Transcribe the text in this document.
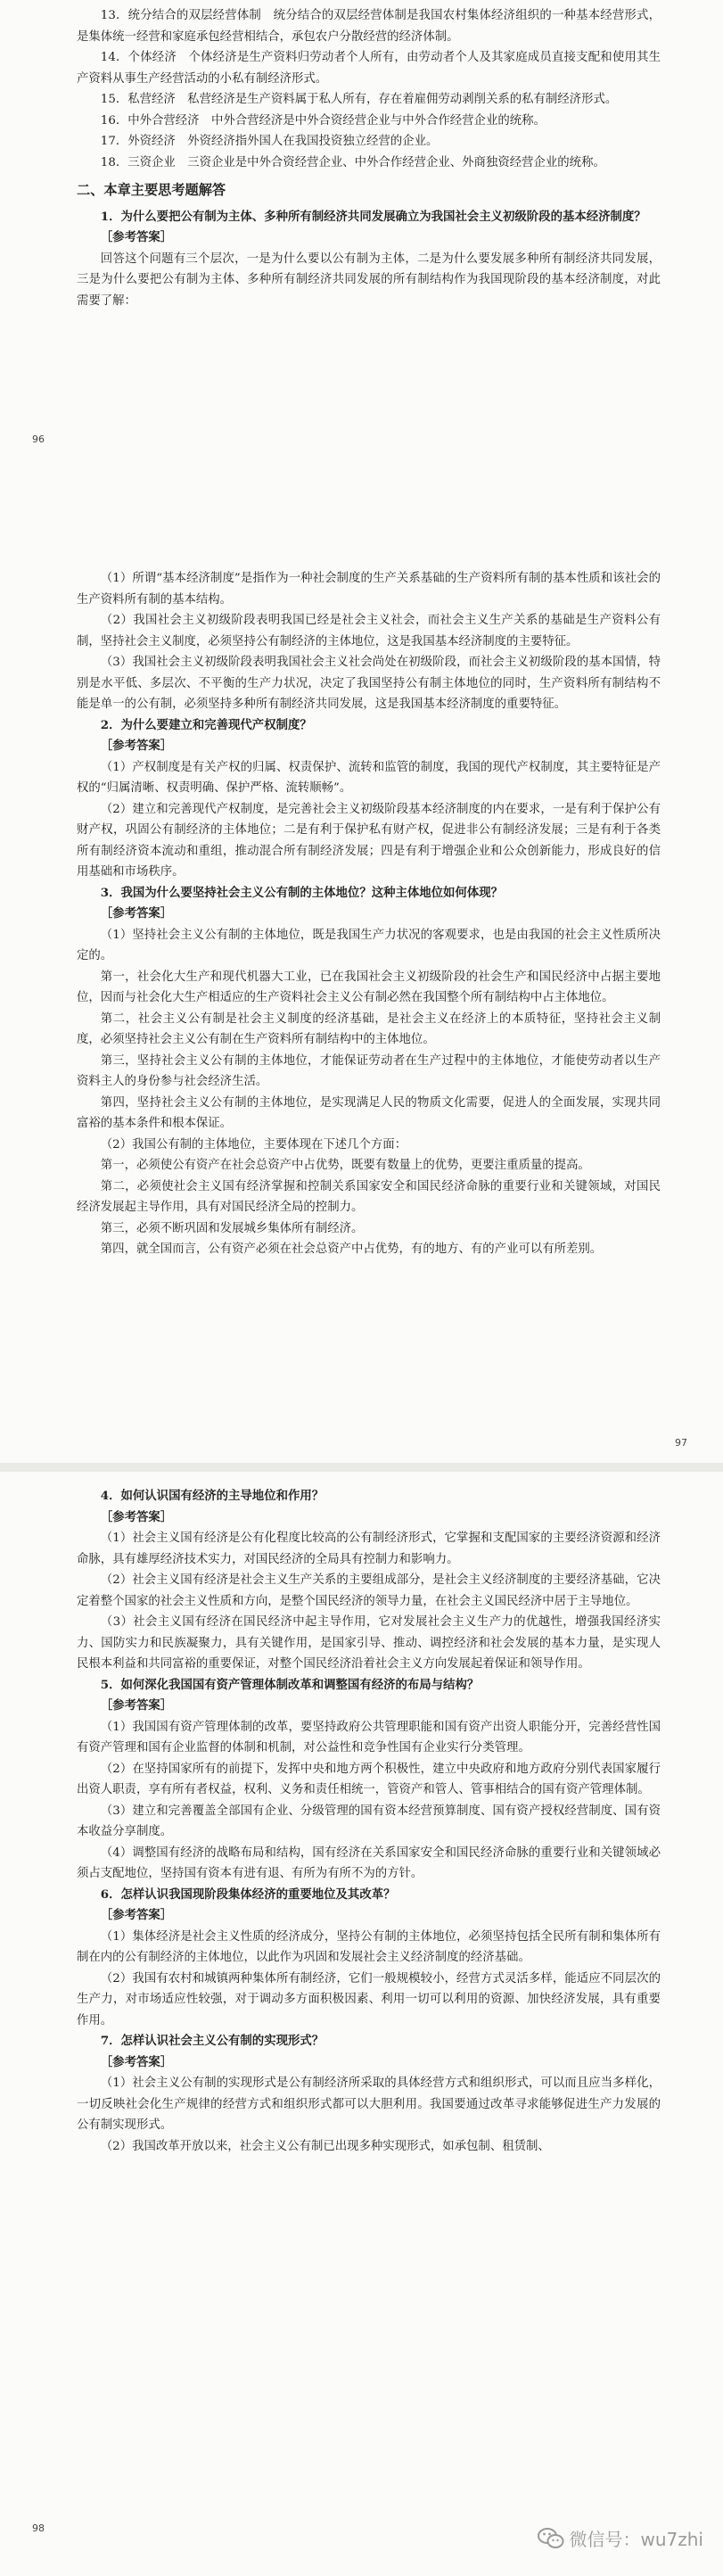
13．统分结合的双层经营体制　统分结合的双层经营体制是我国农村集体经济组织的一种基本经营形式，是集体统一经营和家庭承包经营相结合，承包农户分散经营的经济体制。

14．个体经济　个体经济是生产资料归劳动者个人所有，由劳动者个人及其家庭成员直接支配和使用其生产资料从事生产经营活动的小私有制经济形式。

15．私营经济　私营经济是生产资料属于私人所有，存在着雇佣劳动剥削关系的私有制经济形式。

16．中外合营经济　中外合营经济是中外合资经营企业与中外合作经营企业的统称。

17．外资经济　外资经济指外国人在我国投资独立经营的企业。

18．三资企业　三资企业是中外合资经营企业、中外合作经营企业、外商独资经营企业的统称。

二、本章主要思考题解答

1．为什么要把公有制为主体、多种所有制经济共同发展确立为我国社会主义初级阶段的基本经济制度？

［参考答案］

回答这个问题有三个层次，一是为什么要以公有制为主体，二是为什么要发展多种所有制经济共同发展，三是为什么要把公有制为主体、多种所有制经济共同发展的所有制结构作为我国现阶段的基本经济制度，对此需要了解：

96

（1）所谓“基本经济制度”是指作为一种社会制度的生产关系基础的生产资料所有制的基本性质和该社会的生产资料所有制的基本结构。

（2）我国社会主义初级阶段表明我国已经是社会主义社会，而社会主义生产关系的基础是生产资料公有制，坚持社会主义制度，必须坚持公有制经济的主体地位，这是我国基本经济制度的主要特征。

（3）我国社会主义初级阶段表明我国社会主义社会尚处在初级阶段，而社会主义初级阶段的基本国情，特别是水平低、多层次、不平衡的生产力状况，决定了我国坚持公有制主体地位的同时，生产资料所有制结构不能是单一的公有制，必须坚持多种所有制经济共同发展，这是我国基本经济制度的重要特征。

2．为什么要建立和完善现代产权制度？

［参考答案］

（1）产权制度是有关产权的归属、权责保护、流转和监管的制度，我国的现代产权制度，其主要特征是产权的“归属清晰、权责明确、保护严格、流转顺畅”。

（2）建立和完善现代产权制度，是完善社会主义初级阶段基本经济制度的内在要求，一是有利于保护公有财产权，巩固公有制经济的主体地位；二是有利于保护私有财产权，促进非公有制经济发展；三是有利于各类所有制经济资本流动和重组，推动混合所有制经济发展；四是有利于增强企业和公众创新能力，形成良好的信用基础和市场秩序。

3．我国为什么要坚持社会主义公有制的主体地位？这种主体地位如何体现？

［参考答案］

（1）坚持社会主义公有制的主体地位，既是我国生产力状况的客观要求，也是由我国的社会主义性质所决定的。

第一，社会化大生产和现代机器大工业，已在我国社会主义初级阶段的社会生产和国民经济中占据主要地位，因而与社会化大生产相适应的生产资料社会主义公有制必然在我国整个所有制结构中占主体地位。

第二，社会主义公有制是社会主义制度的经济基础，是社会主义在经济上的本质特征，坚持社会主义制度，必须坚持社会主义公有制在生产资料所有制结构中的主体地位。

第三，坚持社会主义公有制的主体地位，才能保证劳动者在生产过程中的主体地位，才能使劳动者以生产资料主人的身份参与社会经济生活。

第四，坚持社会主义公有制的主体地位，是实现满足人民的物质文化需要，促进人的全面发展，实现共同富裕的基本条件和根本保证。

（2）我国公有制的主体地位，主要体现在下述几个方面：

第一，必须使公有资产在社会总资产中占优势，既要有数量上的优势，更要注重质量的提高。

第二，必须使社会主义国有经济掌握和控制关系国家安全和国民经济命脉的重要行业和关键领域，对国民经济发展起主导作用，具有对国民经济全局的控制力。

第三，必须不断巩固和发展城乡集体所有制经济。

第四，就全国而言，公有资产必须在社会总资产中占优势，有的地方、有的产业可以有所差别。

97

4．如何认识国有经济的主导地位和作用？

［参考答案］

（1）社会主义国有经济是公有化程度比较高的公有制经济形式，它掌握和支配国家的主要经济资源和经济命脉，具有雄厚经济技术实力，对国民经济的全局具有控制力和影响力。

（2）社会主义国有经济是社会主义生产关系的主要组成部分，是社会主义经济制度的主要经济基础，它决定着整个国家的社会主义性质和方向，是整个国民经济的领导力量，在社会主义国民经济中居于主导地位。

（3）社会主义国有经济在国民经济中起主导作用，它对发展社会主义生产力的优越性，增强我国经济实力、国防实力和民族凝聚力，具有关键作用，是国家引导、推动、调控经济和社会发展的基本力量，是实现人民根本利益和共同富裕的重要保证，对整个国民经济沿着社会主义方向发展起着保证和领导作用。

5．如何深化我国国有资产管理体制改革和调整国有经济的布局与结构？

［参考答案］

（1）我国国有资产管理体制的改革，要坚持政府公共管理职能和国有资产出资人职能分开，完善经营性国有资产管理和国有企业监督的体制和机制，对公益性和竞争性国有企业实行分类管理。

（2）在坚持国家所有的前提下，发挥中央和地方两个积极性，建立中央政府和地方政府分别代表国家履行出资人职责，享有所有者权益，权利、义务和责任相统一，管资产和管人、管事相结合的国有资产管理体制。

（3）建立和完善覆盖全部国有企业、分级管理的国有资本经营预算制度、国有资产授权经营制度、国有资本收益分享制度。

（4）调整国有经济的战略布局和结构，国有经济在关系国家安全和国民经济命脉的重要行业和关键领域必须占支配地位，坚持国有资本有进有退、有所为有所不为的方针。

6．怎样认识我国现阶段集体经济的重要地位及其改革？

［参考答案］

（1）集体经济是社会主义性质的经济成分，坚持公有制的主体地位，必须坚持包括全民所有制和集体所有制在内的公有制经济的主体地位，以此作为巩固和发展社会主义经济制度的经济基础。

（2）我国有农村和城镇两种集体所有制经济，它们一般规模较小，经营方式灵活多样，能适应不同层次的生产力，对市场适应性较强，对于调动多方面积极因素、利用一切可以利用的资源、加快经济发展，具有重要作用。

7．怎样认识社会主义公有制的实现形式？

［参考答案］

（1）社会主义公有制的实现形式是公有制经济所采取的具体经营方式和组织形式，可以而且应当多样化，一切反映社会化生产规律的经营方式和组织形式都可以大胆利用。我国要通过改革寻求能够促进生产力发展的公有制实现形式。

（2）我国改革开放以来，社会主义公有制已出现多种实现形式，如承包制、租赁制、

98
微信号：wu7zhi
